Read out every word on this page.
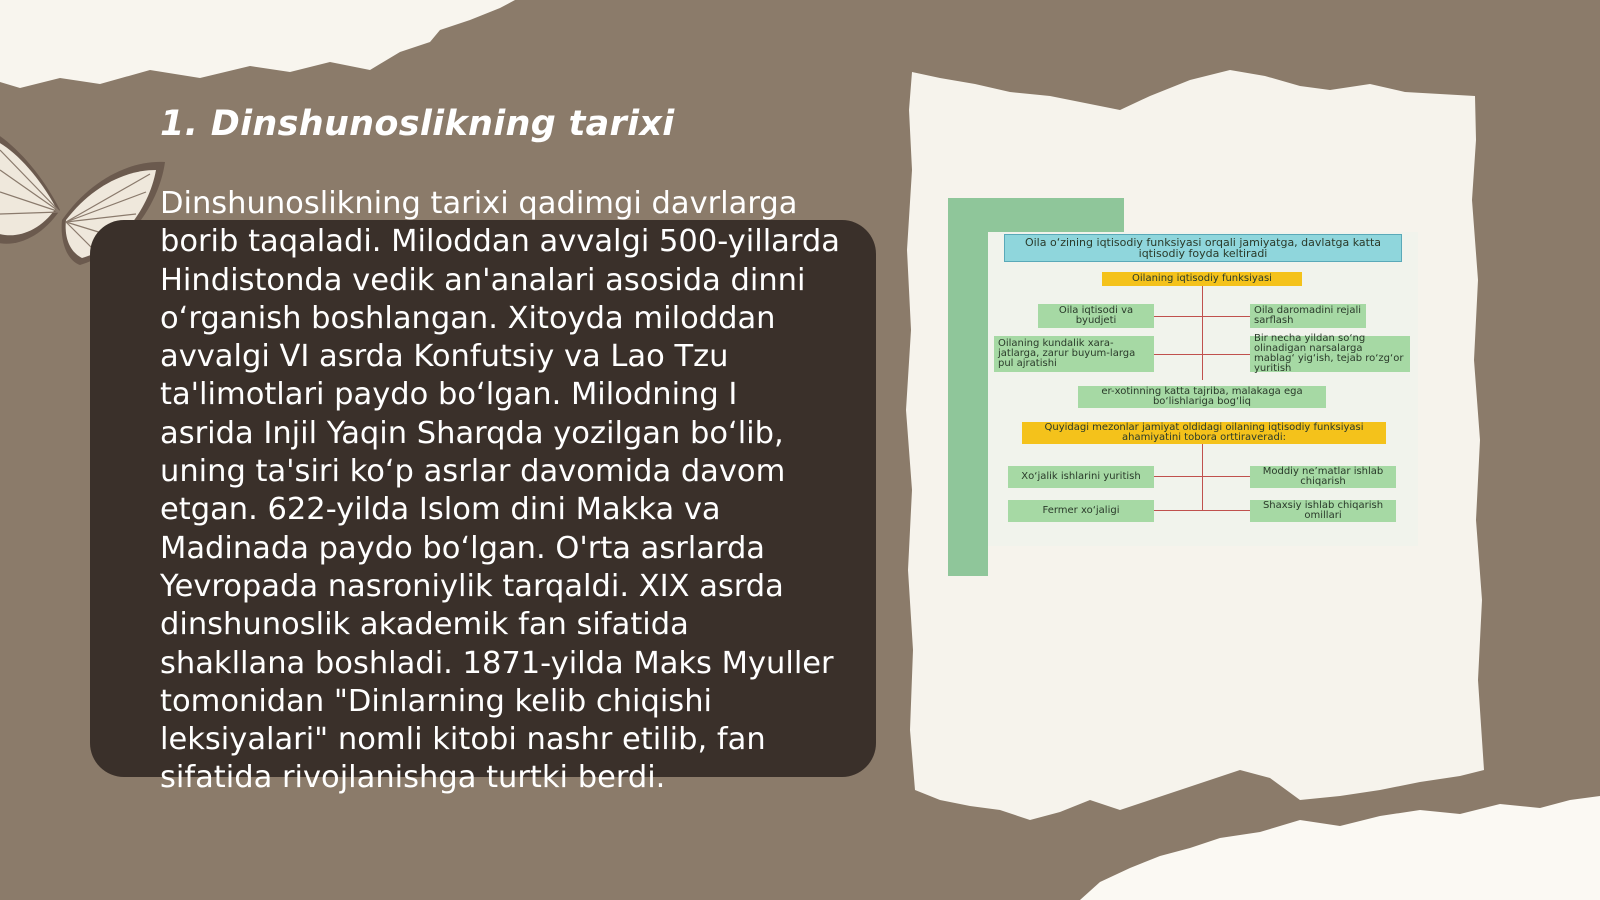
1. Dinshunoslikning tarixi

Dinshunoslikning tarixi qadimgi davrlarga borib taqaladi. Miloddan avvalgi 500-yillarda Hindistonda vedik an'analari asosida dinni o‘rganish boshlangan. Xitoyda miloddan avvalgi VI asrda Konfutsiy va Lao Tzu ta'limotlari paydo bo‘lgan. Milodning I asrida Injil Yaqin Sharqda yozilgan bo‘lib, uning ta'siri ko‘p asrlar davomida davom etgan. 622-yilda Islom dini Makka va Madinada paydo bo‘lgan. O'rta asrlarda Yevropada nasroniylik tarqaldi. XIX asrda dinshunoslik akademik fan sifatida shakllana boshladi. 1871-yilda Maks Myuller tomonidan "Dinlarning kelib chiqishi leksiyalari" nomli kitobi nashr etilib, fan sifatida rivojlanishga turtki berdi.

Oila o‘zining iqtisodiy funksiyasi orqali jamiyatga, davlatga katta iqtisodiy foyda keltiradi
Oilaning iqtisodiy funksiyasi
Oila iqtisodi va byudjeti
Oila daromadini rejali sarflash
Oilaning kundalik xara-jatlarga, zarur buyum-larga pul ajratishi
Bir necha yildan so‘ng olinadigan narsalarga mablag‘ yig‘ish, tejab ro‘zg‘or yuritish
er-xotinning katta tajriba, malakaga ega bo‘lishlariga bog‘liq
Quyidagi mezonlar jamiyat oldidagi oilaning iqtisodiy funksiyasi ahamiyatini tobora orttiravеradi:
Xo‘jalik ishlarini yuritish	Moddiy ne’matlar ishlab chiqarish
Fermer xo‘jaligi	Shaxsiy ishlab chiqarish omillari
